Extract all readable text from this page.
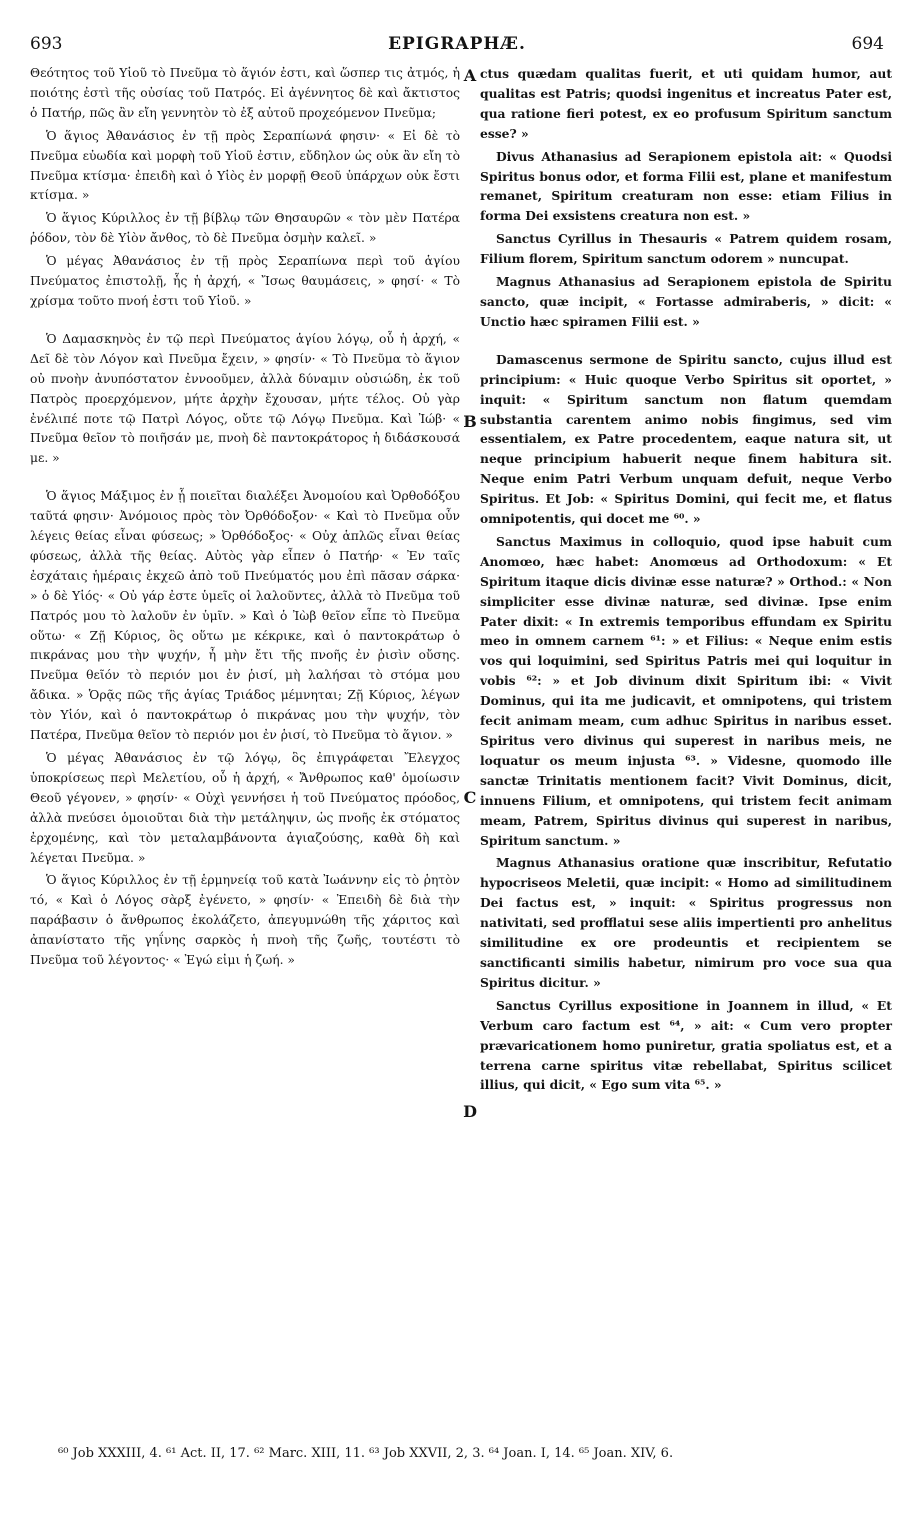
693	EPIGRAPHÆ.	694

Θεότητος τοῦ Υἱοῦ τὸ Πνεῦμα τὸ ἅγιόν ἐστι, καὶ ὥσπερ τις ἀτμός, ἡ ποιότης ἐστὶ τῆς οὐσίας τοῦ Πατρός. Εἰ ἀγέννητος δὲ καὶ ἄκτιστος ὁ Πατήρ, πῶς ἂν εἴη γεννητὸν τὸ ἐξ αὐτοῦ προχεόμενον Πνεῦμα;

Ὁ ἅγιος Ἀθανάσιος ἐν τῇ πρὸς Σεραπίωνά φησιν· « Εἰ δὲ τὸ Πνεῦμα εὐωδία καὶ μορφὴ τοῦ Υἱοῦ ἐστιν, εὔδηλον ὡς οὐκ ἂν εἴη τὸ Πνεῦμα κτίσμα· ἐπειδὴ καὶ ὁ Υἱὸς ἐν μορφῇ Θεοῦ ὑπάρχων οὐκ ἔστι κτίσμα. »

Ὁ ἅγιος Κύριλλος ἐν τῇ βίβλῳ τῶν Θησαυρῶν « τὸν μὲν Πατέρα ῥόδον, τὸν δὲ Υἱὸν ἄνθος, τὸ δὲ Πνεῦμα ὀσμὴν καλεῖ. »

Ὁ μέγας Ἀθανάσιος ἐν τῇ πρὸς Σεραπίωνα περὶ τοῦ ἁγίου Πνεύματος ἐπιστολῇ, ἧς ἡ ἀρχή, « Ἴσως θαυμάσεις, » φησί· « Τὸ χρίσμα τοῦτο πνοή ἐστι τοῦ Υἱοῦ. »

Ὁ Δαμασκηνὸς ἐν τῷ περὶ Πνεύματος ἁγίου λόγῳ, οὗ ἡ ἀρχή, « Δεῖ δὲ τὸν Λόγον καὶ Πνεῦμα ἔχειν, » φησίν· « Τὸ Πνεῦμα τὸ ἅγιον οὐ πνοὴν ἀνυπόστατον ἐννοοῦμεν, ἀλλὰ δύναμιν οὐσιώδη, ἐκ τοῦ Πατρὸς προερχόμενον, μήτε ἀρχὴν ἔχουσαν, μήτε τέλος. Οὐ γὰρ ἐνέλιπέ ποτε τῷ Πατρὶ Λόγος, οὔτε τῷ Λόγῳ Πνεῦμα. Καὶ Ἰώβ· « Πνεῦμα θεῖον τὸ ποιῆσάν με, πνοὴ δὲ παντοκράτορος ἡ διδάσκουσά με. »

Ὁ ἅγιος Μάξιμος ἐν ᾗ ποιεῖται διαλέξει Ἀνομοίου καὶ Ὀρθοδόξου ταῦτά φησιν· Ἀνόμοιος πρὸς τὸν Ὀρθόδοξον· « Καὶ τὸ Πνεῦμα οὖν λέγεις θείας εἶναι φύσεως; » Ὀρθόδοξος· « Οὐχ ἁπλῶς εἶναι θείας φύσεως, ἀλλὰ τῆς θείας. Αὐτὸς γὰρ εἶπεν ὁ Πατήρ· « Ἐν ταῖς ἐσχάταις ἡμέραις ἐκχεῶ ἀπὸ τοῦ Πνεύματός μου ἐπὶ πᾶσαν σάρκα· » ὁ δὲ Υἱός· « Οὐ γάρ ἐστε ὑμεῖς οἱ λαλοῦντες, ἀλλὰ τὸ Πνεῦμα τοῦ Πατρός μου τὸ λαλοῦν ἐν ὑμῖν. » Καὶ ὁ Ἰὼβ θεῖον εἶπε τὸ Πνεῦμα οὕτω· « Ζῇ Κύριος, ὃς οὕτω με κέκρικε, καὶ ὁ παντοκράτωρ ὁ πικράνας μου τὴν ψυχήν, ἦ μὴν ἔτι τῆς πνοῆς ἐν ῥισὶν οὔσης. Πνεῦμα θεῖόν τὸ περιόν μοι ἐν ῥισί, μὴ λαλήσαι τὸ στόμα μου ἄδικα. » Ὁρᾷς πῶς τῆς ἁγίας Τριάδος μέμνηται; Ζῇ Κύριος, λέγων τὸν Υἱόν, καὶ ὁ παντοκράτωρ ὁ πικράνας μου τὴν ψυχήν, τὸν Πατέρα, Πνεῦμα θεῖον τὸ περιόν μοι ἐν ῥισί, τὸ Πνεῦμα τὸ ἅγιον. »

Ὁ μέγας Ἀθανάσιος ἐν τῷ λόγῳ, ὃς ἐπιγράφεται Ἔλεγχος ὑποκρίσεως περὶ Μελετίου, οὗ ἡ ἀρχή, « Ἄνθρωπος καθ' ὁμοίωσιν Θεοῦ γέγονεν, » φησίν· « Οὐχὶ γεννήσει ἡ τοῦ Πνεύματος πρόοδος, ἀλλὰ πνεύσει ὁμοιοῦται διὰ τὴν μετάληψιν, ὡς πνοῆς ἐκ στόματος ἐρχομένης, καὶ τὸν μεταλαμβάνοντα ἁγιαζούσης, καθὰ δὴ καὶ λέγεται Πνεῦμα. »

Ὁ ἅγιος Κύριλλος ἐν τῇ ἑρμηνείᾳ τοῦ κατὰ Ἰωάννην εἰς τὸ ῥητὸν τό, « Καὶ ὁ Λόγος σὰρξ ἐγένετο, » φησίν· « Ἐπειδὴ δὲ διὰ τὴν παράβασιν ὁ ἄνθρωπος ἐκολάζετο, ἀπεγυμνώθη τῆς χάριτος καὶ ἀπανίστατο τῆς γηΐνης σαρκὸς ἡ πνοὴ τῆς ζωῆς, τουτέστι τὸ Πνεῦμα τοῦ λέγοντος· « Ἐγώ εἰμι ἡ ζωή. »

A
B
C
D

ctus quædam qualitas fuerit, et uti quidam humor, aut qualitas est Patris; quodsi ingenitus et increatus Pater est, qua ratione fieri potest, ex eo profusum Spiritum sanctum esse? »

Divus Athanasius ad Serapionem epistola ait: « Quodsi Spiritus bonus odor, et forma Filii est, plane et manifestum remanet, Spiritum creaturam non esse: etiam Filius in forma Dei exsistens creatura non est. »

Sanctus Cyrillus in Thesauris « Patrem quidem rosam, Filium florem, Spiritum sanctum odorem » nuncupat.

Magnus Athanasius ad Serapionem epistola de Spiritu sancto, quæ incipit, « Fortasse admiraberis, » dicit: « Unctio hæc spiramen Filii est. »

Damascenus sermone de Spiritu sancto, cujus illud est principium: « Huic quoque Verbo Spiritus sit oportet, » inquit: « Spiritum sanctum non flatum quemdam substantia carentem animo nobis fingimus, sed vim essentialem, ex Patre procedentem, eaque natura sit, ut neque principium habuerit neque finem habitura sit. Neque enim Patri Verbum unquam defuit, neque Verbo Spiritus. Et Job: « Spiritus Domini, qui fecit me, et flatus omnipotentis, qui docet me ⁶⁰. »

Sanctus Maximus in colloquio, quod ipse habuit cum Anomœo, hæc habet: Anomœus ad Orthodoxum: « Et Spiritum itaque dicis divinæ esse naturæ? » Orthod.: « Non simpliciter esse divinæ naturæ, sed divinæ. Ipse enim Pater dixit: « In extremis temporibus effundam ex Spiritu meo in omnem carnem ⁶¹: » et Filius: « Neque enim estis vos qui loquimini, sed Spiritus Patris mei qui loquitur in vobis ⁶²: » et Job divinum dixit Spiritum ibi: « Vivit Dominus, qui ita me judicavit, et omnipotens, qui tristem fecit animam meam, cum adhuc Spiritus in naribus esset. Spiritus vero divinus qui superest in naribus meis, ne loquatur os meum injusta ⁶³. » Videsne, quomodo ille sanctæ Trinitatis mentionem facit? Vivit Dominus, dicit, innuens Filium, et omnipotens, qui tristem fecit animam meam, Patrem, Spiritus divinus qui superest in naribus, Spiritum sanctum. »

Magnus Athanasius oratione quæ inscribitur, Refutatio hypocriseos Meletii, quæ incipit: « Homo ad similitudinem Dei factus est, » inquit: « Spiritus progressus non nativitati, sed profflatui sese aliis impertienti pro anhelitus similitudine ex ore prodeuntis et recipientem se sanctificanti similis habetur, nimirum pro voce sua qua Spiritus dicitur. »

Sanctus Cyrillus expositione in Joannem in illud, « Et Verbum caro factum est ⁶⁴, » ait: « Cum vero propter prævaricationem homo puniretur, gratia spoliatus est, et a terrena carne spiritus vitæ rebellabat, Spiritus scilicet illius, qui dicit, « Ego sum vita ⁶⁵. »

⁶⁰ Job XXXIII, 4. ⁶¹ Act. II, 17. ⁶² Marc. XIII, 11. ⁶³ Job XXVII, 2, 3. ⁶⁴ Joan. I, 14. ⁶⁵ Joan. XIV, 6.
